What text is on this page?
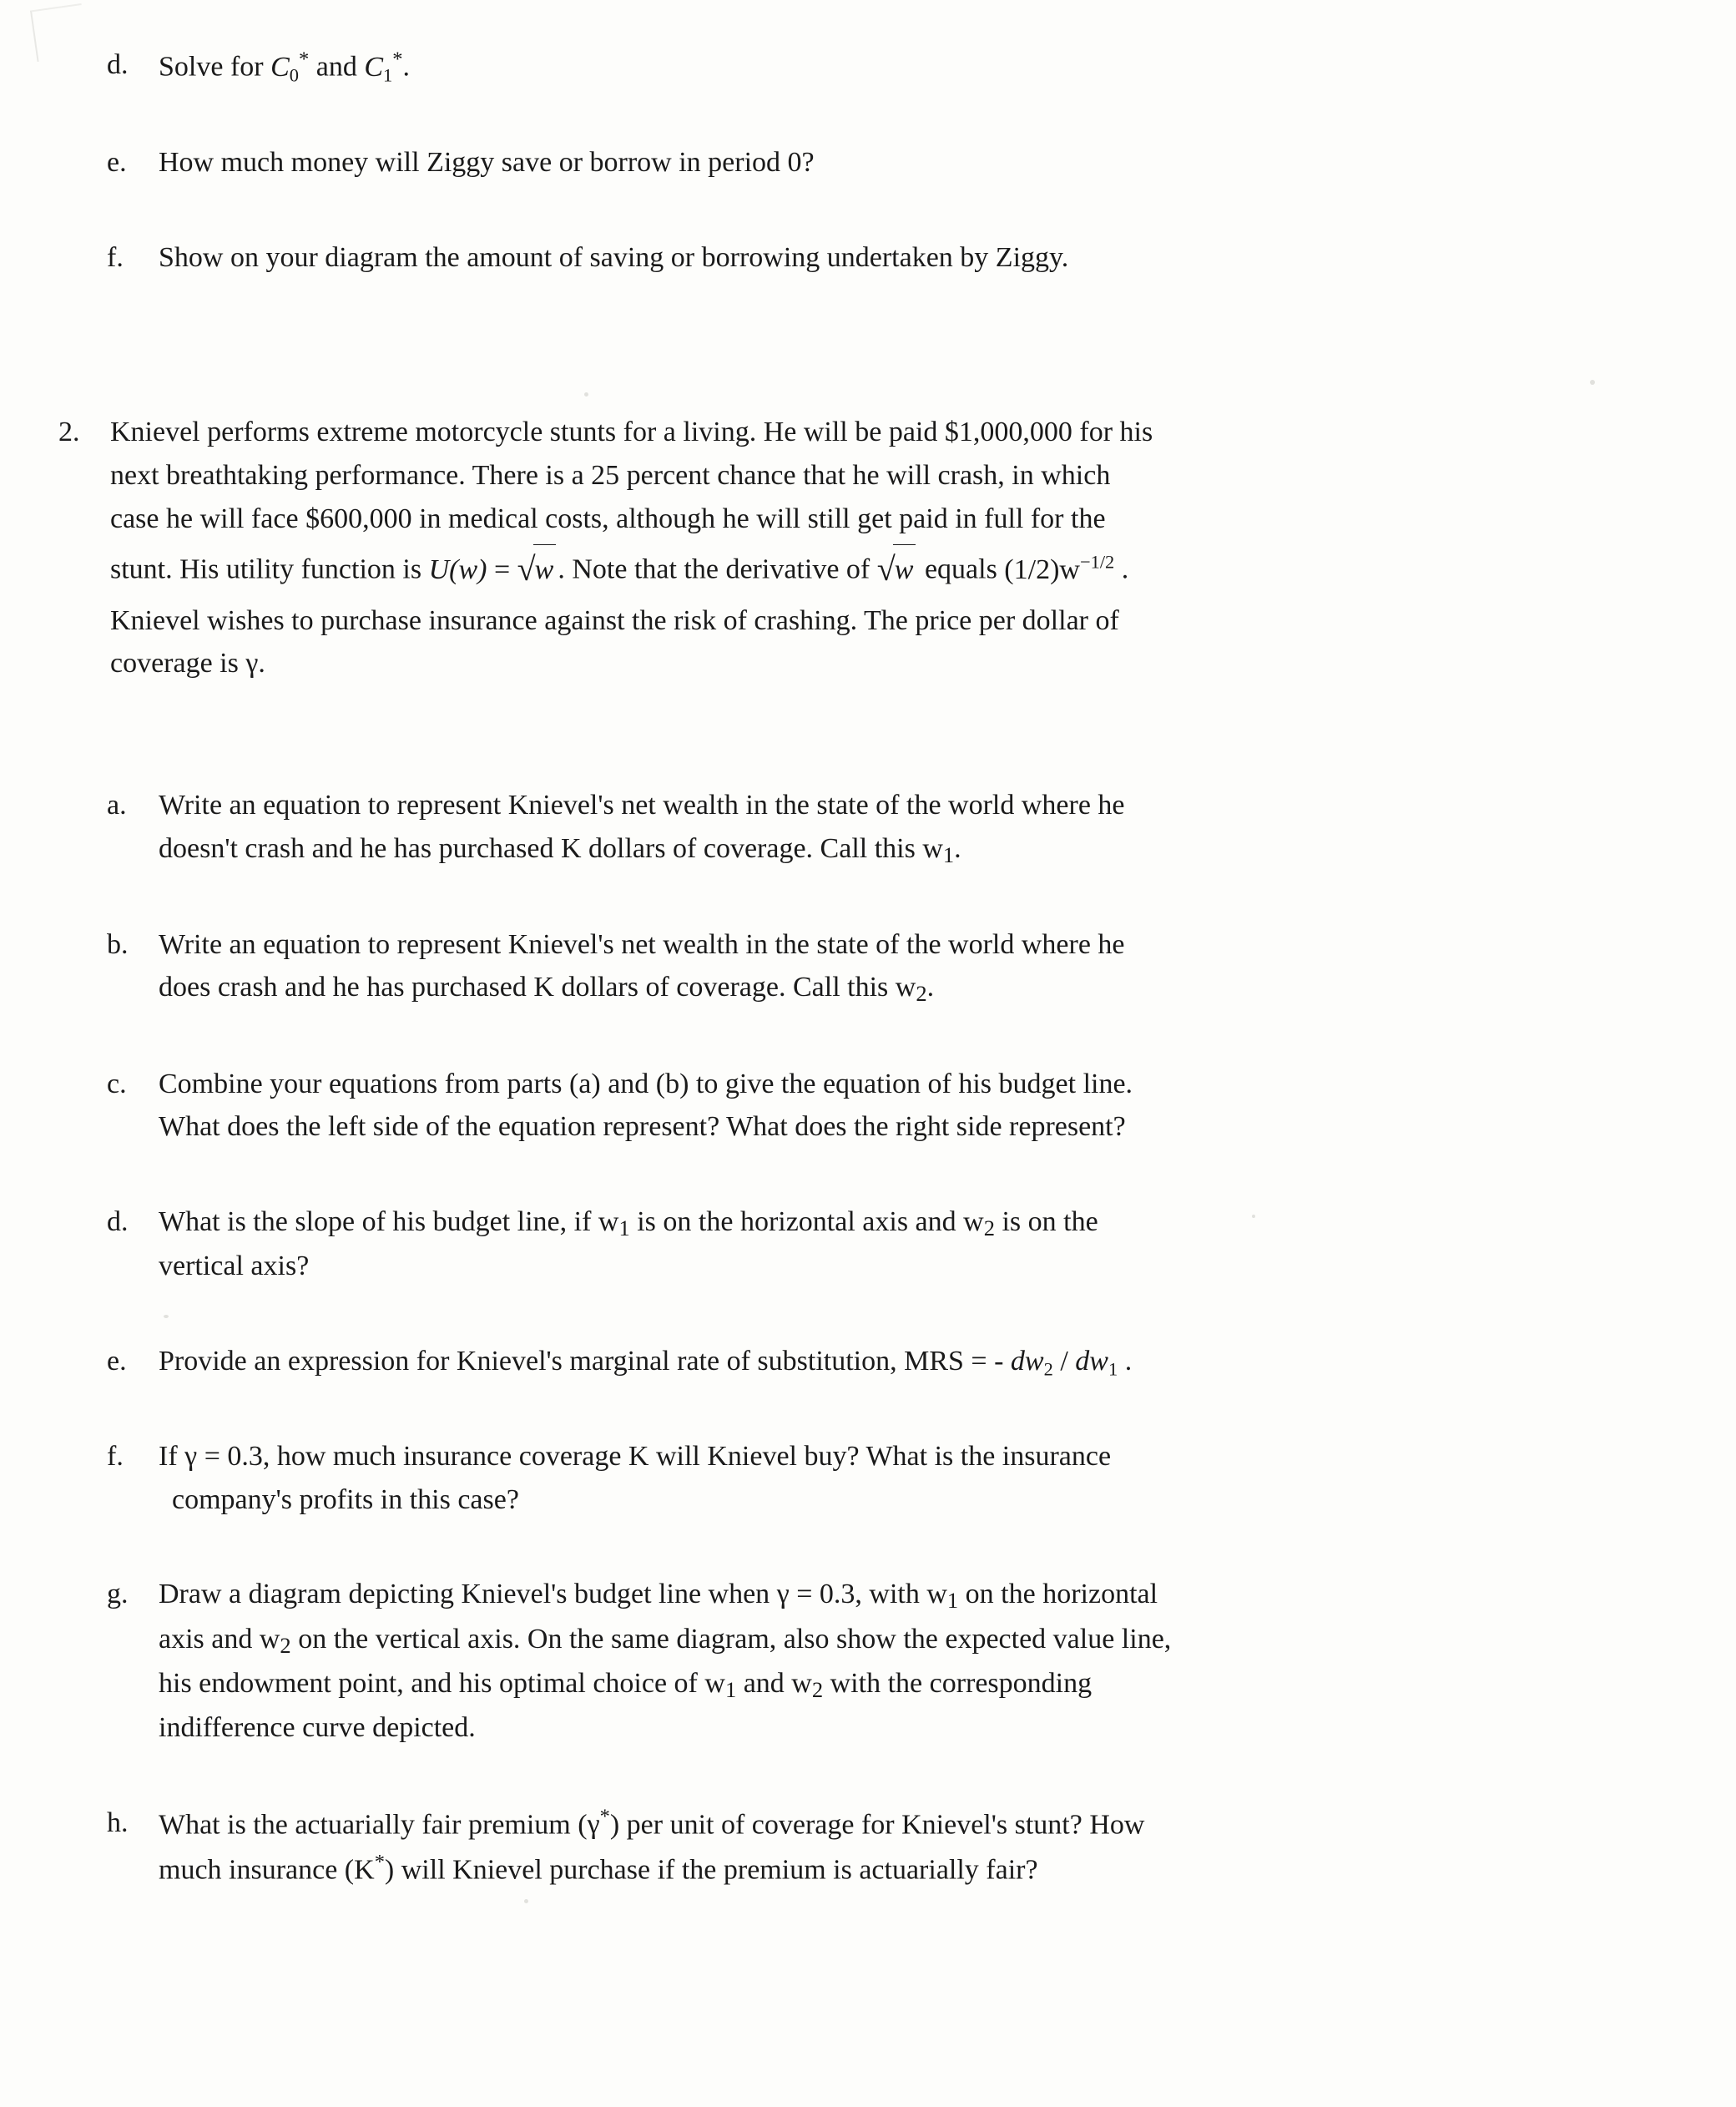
d.	Solve for C0* and C1*.
e.	How much money will Ziggy save or borrow in period 0?
f.	Show on your diagram the amount of saving or borrowing undertaken by Ziggy.
2.	Knievel performs extreme motorcycle stunts for a living. He will be paid $1,000,000 for his
next breathtaking performance. There is a 25 percent chance that he will crash, in which
case he will face $600,000 in medical costs, although he will still get paid in full for the
stunt. His utility function is U(w) = √w . Note that the derivative of √w equals $(1/2)w^{-1/2}$ .
Knievel wishes to purchase insurance against the risk of crashing. The price per dollar of
coverage is γ.
a.	Write an equation to represent Knievel's net wealth in the state of the world where he
doesn't crash and he has purchased K dollars of coverage. Call this w1.
b.	Write an equation to represent Knievel's net wealth in the state of the world where he
does crash and he has purchased K dollars of coverage. Call this w2.
c.	Combine your equations from parts (a) and (b) to give the equation of his budget line.
What does the left side of the equation represent? What does the right side represent?
d.	What is the slope of his budget line, if w1 is on the horizontal axis and w2 is on the
vertical axis?
e.	Provide an expression for Knievel's marginal rate of substitution, MRS = - dw2 / dw1 .
f.	If γ = 0.3, how much insurance coverage K will Knievel buy? What is the insurance
company's profits in this case?
g.	Draw a diagram depicting Knievel's budget line when γ = 0.3, with w1 on the horizontal
axis and w2 on the vertical axis. On the same diagram, also show the expected value line,
his endowment point, and his optimal choice of w1 and w2 with the corresponding
indifference curve depicted.
h.	What is the actuarially fair premium (γ*) per unit of coverage for Knievel's stunt? How
much insurance (K*) will Knievel purchase if the premium is actuarially fair?
